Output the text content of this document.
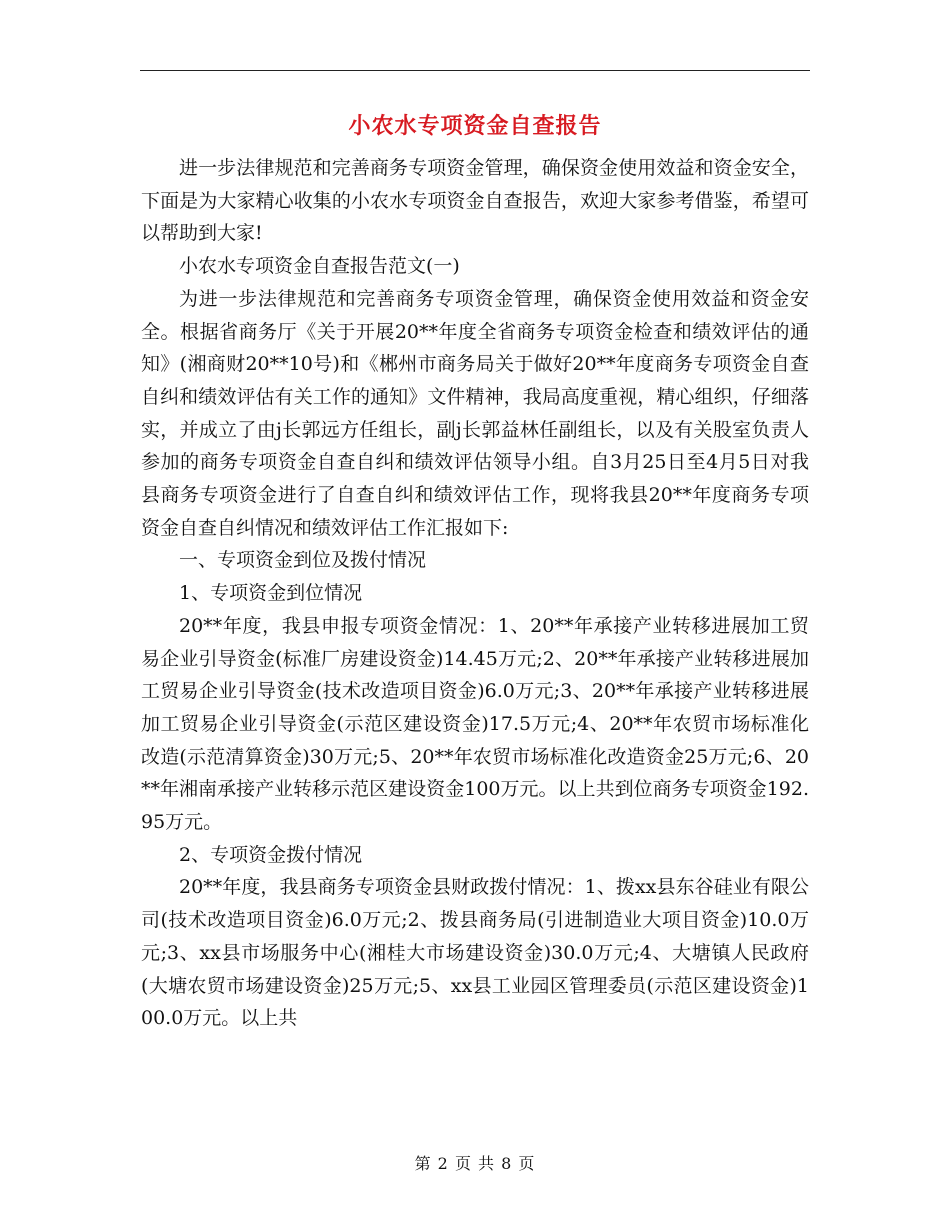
小农水专项资金自查报告

进一步法律规范和完善商务专项资金管理，确保资金使用效益和资金安全，下面是为大家精心收集的小农水专项资金自查报告，欢迎大家参考借鉴，希望可以帮助到大家!

小农水专项资金自查报告范文(一)

为进一步法律规范和完善商务专项资金管理，确保资金使用效益和资金安全。根据省商务厅《关于开展20**年度全省商务专项资金检查和绩效评估的通知》(湘商财20**10号)和《郴州市商务局关于做好20**年度商务专项资金自查自纠和绩效评估有关工作的通知》文件精神，我局高度重视，精心组织，仔细落实，并成立了由j长郭远方任组长，副j长郭益林任副组长，以及有关股室负责人参加的商务专项资金自查自纠和绩效评估领导小组。自3月25日至4月5日对我县商务专项资金进行了自查自纠和绩效评估工作，现将我县20**年度商务专项资金自查自纠情况和绩效评估工作汇报如下:

一、专项资金到位及拨付情况

1、专项资金到位情况

20**年度，我县申报专项资金情况：1、20**年承接产业转移进展加工贸易企业引导资金(标准厂房建设资金)14.45万元;2、20**年承接产业转移进展加工贸易企业引导资金(技术改造项目资金)6.0万元;3、20**年承接产业转移进展加工贸易企业引导资金(示范区建设资金)17.5万元;4、20**年农贸市场标准化改造(示范清算资金)30万元;5、20**年农贸市场标准化改造资金25万元;6、20**年湘南承接产业转移示范区建设资金100万元。以上共到位商务专项资金192.95万元。

2、专项资金拨付情况

20**年度，我县商务专项资金县财政拨付情况：1、拨xx县东谷硅业有限公司(技术改造项目资金)6.0万元;2、拨县商务局(引进制造业大项目资金)10.0万元;3、xx县市场服务中心(湘桂大市场建设资金)30.0万元;4、大塘镇人民政府(大塘农贸市场建设资金)25万元;5、xx县工业园区管理委员(示范区建设资金)100.0万元。以上共

第 2 页 共 8 页
